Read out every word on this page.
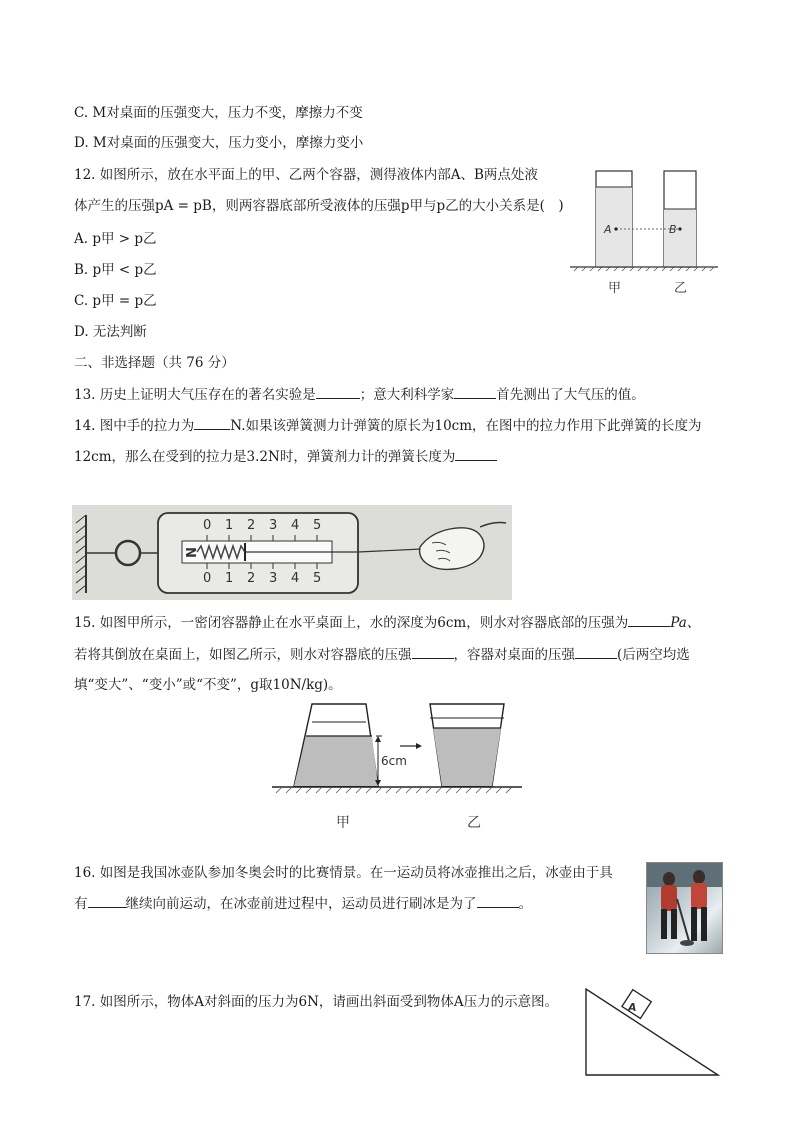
C. M对桌面的压强变大，压力不变，摩擦力不变
D. M对桌面的压强变大，压力变小，摩擦力变小
12. 如图所示，放在水平面上的甲、乙两个容器，测得液体内部A、B两点处液
体产生的压强pA = pB，则两容器底部所受液体的压强p甲与p乙的大小关系是(　)
A. p甲 > p乙
B. p甲 < p乙
C. p甲 = p乙
D. 无法判断
A	B
甲	乙
二、非选择题（共 76 分）
13. 历史上证明大气压存在的著名实验是	；意大利科学家	首先测出了大气压的值。
14. 图中手的拉力为	N.如果该弹簧测力计弹簧的原长为10cm，在图中的拉力作用下此弹簧的长度为
12cm，那么在受到的拉力是3.2N时，弹簧剂力计的弹簧长度为
N
0 1 2 3 4 5
0 1 2 3 4 5
15. 如图甲所示，一密闭容器静止在水平桌面上，水的深度为6cm，则水对容器底部的压强为	Pa、
若将其倒放在桌面上，如图乙所示，则水对容器底的压强	，容器对桌面的压强	(后两空均选
填“变大”、“变小”或“不变”，g取10N/kg)。
6cm
甲	乙
16. 如图是我国冰壶队参加冬奥会时的比赛情景。在一运动员将冰壶推出之后，冰壶由于具
有	继续向前运动，在冰壶前进过程中，运动员进行刷冰是为了	。
17. 如图所示，物体A对斜面的压力为6N，请画出斜面受到物体A压力的示意图。	A
